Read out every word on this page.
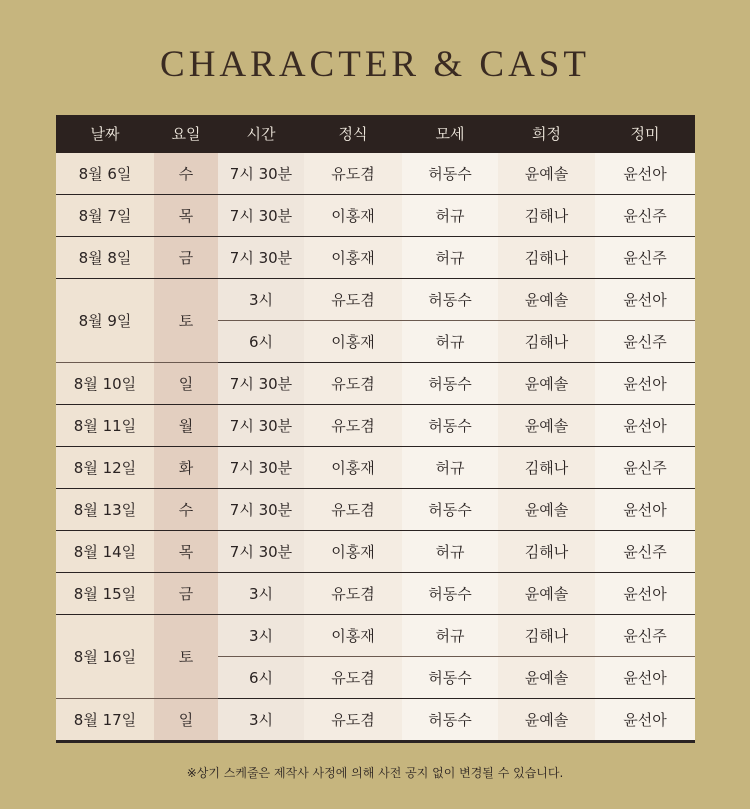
CHARACTER & CAST
날짜	요일	시간	정식	모세	희정	정미
8월 6일	수	7시 30분	유도겸	허동수	윤예솔	윤선아
8월 7일	목	7시 30분	이홍재	허규	김해나	윤신주
8월 8일	금	7시 30분	이홍재	허규	김해나	윤신주
8월 9일	토	3시	유도겸	허동수	윤예솔	윤선아
		6시	이홍재	허규	김해나	윤신주
8월 10일	일	7시 30분	유도겸	허동수	윤예솔	윤선아
8월 11일	월	7시 30분	유도겸	허동수	윤예솔	윤선아
8월 12일	화	7시 30분	이홍재	허규	김해나	윤신주
8월 13일	수	7시 30분	유도겸	허동수	윤예솔	윤선아
8월 14일	목	7시 30분	이홍재	허규	김해나	윤신주
8월 15일	금	3시	유도겸	허동수	윤예솔	윤선아
8월 16일	토	3시	이홍재	허규	김해나	윤신주
		6시	유도겸	허동수	윤예솔	윤선아
8월 17일	일	3시	유도겸	허동수	윤예솔	윤선아
※상기 스케줄은 제작사 사정에 의해 사전 공지 없이 변경될 수 있습니다.
